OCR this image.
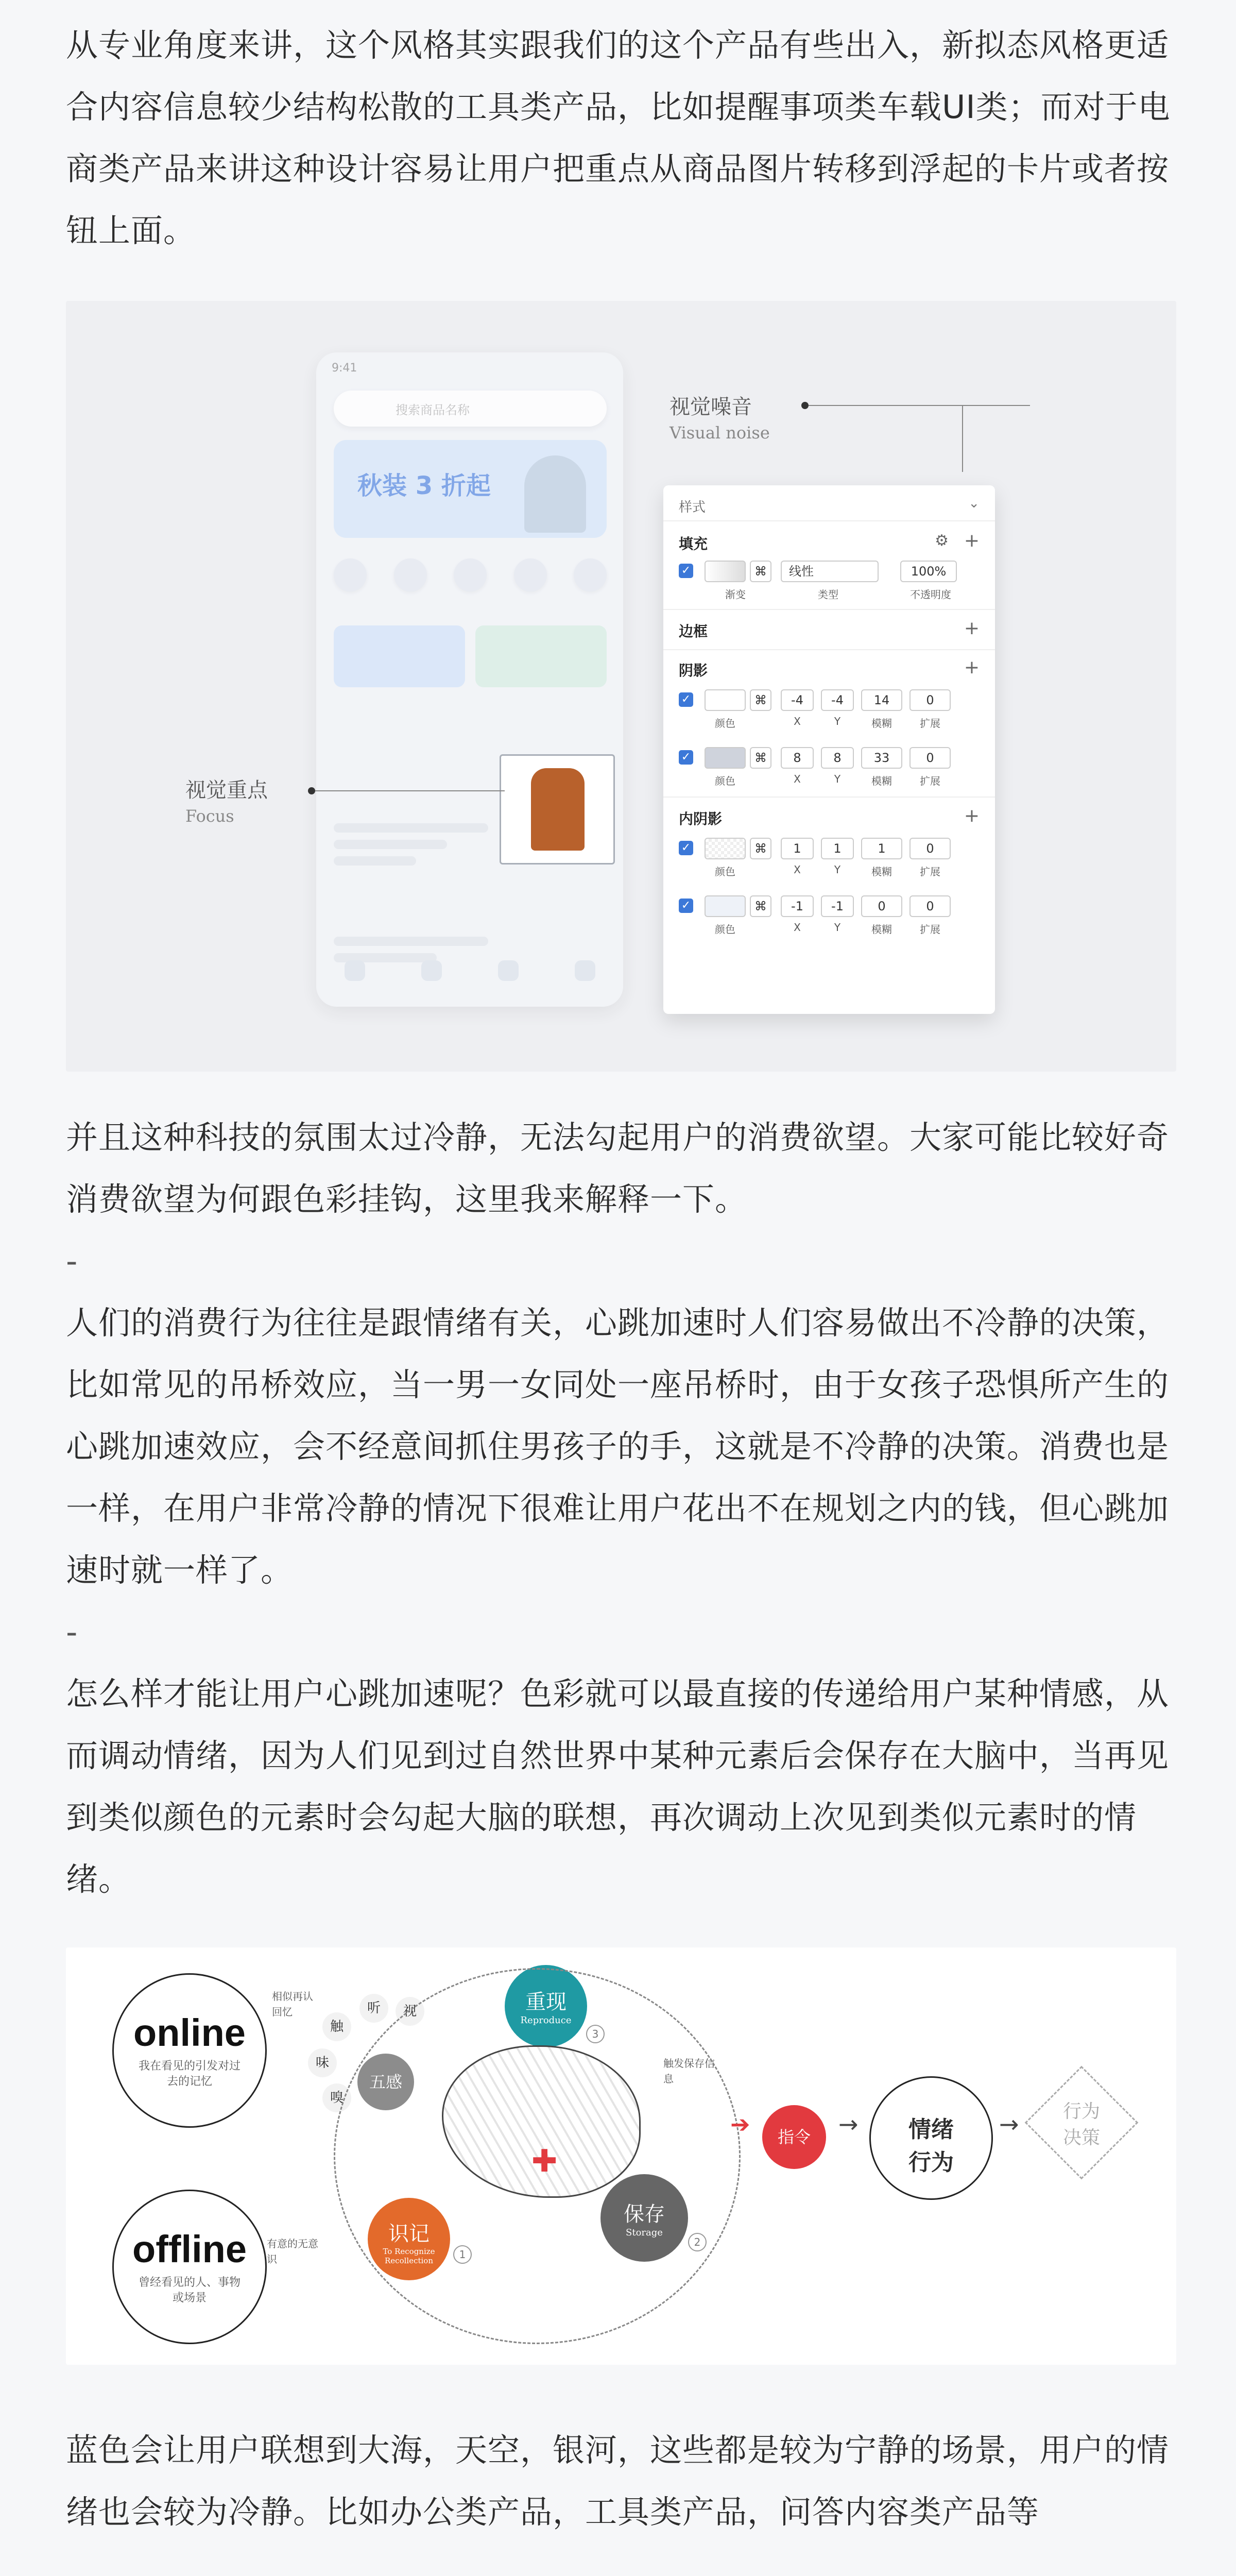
从专业角度来讲，这个风格其实跟我们的这个产品有些出入，新拟态风格更适合内容信息较少结构松散的工具类产品，比如提醒事项类车载UI类；而对于电商类产品来讲这种设计容易让用户把重点从商品图片转移到浮起的卡片或者按钮上面。

9:41
搜索商品名称
秋装 3 折起
视觉重点
Focus
视觉噪音
Visual noise
样式	⌄
填充	⚙ +
✓	⌘	线性	100%
渐变	类型	不透明度
边框	+
阴影	+
✓	⌘	-4	-4	14	0
颜色	X	Y	模糊	扩展
✓	⌘	8	8	33	0
颜色	X	Y	模糊	扩展
内阴影	+
✓	⌘	1	1	1	0
颜色	X	Y	模糊	扩展
✓	⌘	-1	-1	0	0
颜色	X	Y	模糊	扩展

并且这种科技的氛围太过冷静，无法勾起用户的消费欲望。大家可能比较好奇消费欲望为何跟色彩挂钩，这里我来解释一下。

-

人们的消费行为往往是跟情绪有关，心跳加速时人们容易做出不冷静的决策，比如常见的吊桥效应，当一男一女同处一座吊桥时，由于女孩子恐惧所产生的心跳加速效应，会不经意间抓住男孩子的手，这就是不冷静的决策。消费也是一样，在用户非常冷静的情况下很难让用户花出不在规划之内的钱，但心跳加速时就一样了。

-

怎么样才能让用户心跳加速呢？色彩就可以最直接的传递给用户某种情感，从而调动情绪，因为人们见到过自然世界中某种元素后会保存在大脑中，当再见到类似颜色的元素时会勾起大脑的联想，再次调动上次见到类似元素时的情绪。

online
我在看见的引发对过去的记忆
offline
曾经看见的人、事物或场景
相似再认回忆
有意的无意识
听	视
触
味
嗅
五感
重现
Reproduce
识记
To Recognize Recollection
✚
保存
Storage
触发保存信息
3
1
2
➔	指令	→ 情绪行为
→	行为决策

蓝色会让用户联想到大海，天空，银河，这些都是较为宁静的场景，用户的情绪也会较为冷静。比如办公类产品，工具类产品，问答内容类产品等
